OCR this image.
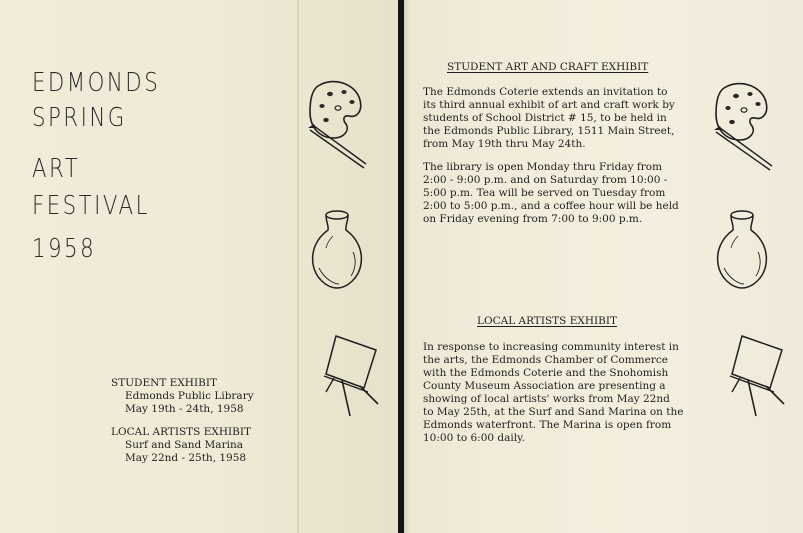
EDMONDS
SPRING
ART
FESTIVAL
1958
STUDENT EXHIBIT
Edmonds Public Library
May 19th - 24th, 1958
LOCAL ARTISTS EXHIBIT
Surf and Sand Marina
May 22nd - 25th, 1958
STUDENT ART AND CRAFT EXHIBIT
The Edmonds Coterie extends an invitation to
its third annual exhibit of art and craft work by
students of School District # 15, to be held in
the Edmonds Public Library, 1511 Main Street,
from May 19th thru May 24th.
The library is open Monday thru Friday from
2:00 - 9:00 p.m. and on Saturday from 10:00 -
5:00 p.m. Tea will be served on Tuesday from
2:00 to 5:00 p.m., and a coffee hour will be held
on Friday evening from 7:00 to 9:00 p.m.
LOCAL ARTISTS EXHIBIT
In response to increasing community interest in
the arts, the Edmonds Chamber of Commerce
with the Edmonds Coterie and the Snohomish
County Museum Association are presenting a
showing of local artists' works from May 22nd
to May 25th, at the Surf and Sand Marina on the
Edmonds waterfront. The Marina is open from
10:00 to 6:00 daily.
